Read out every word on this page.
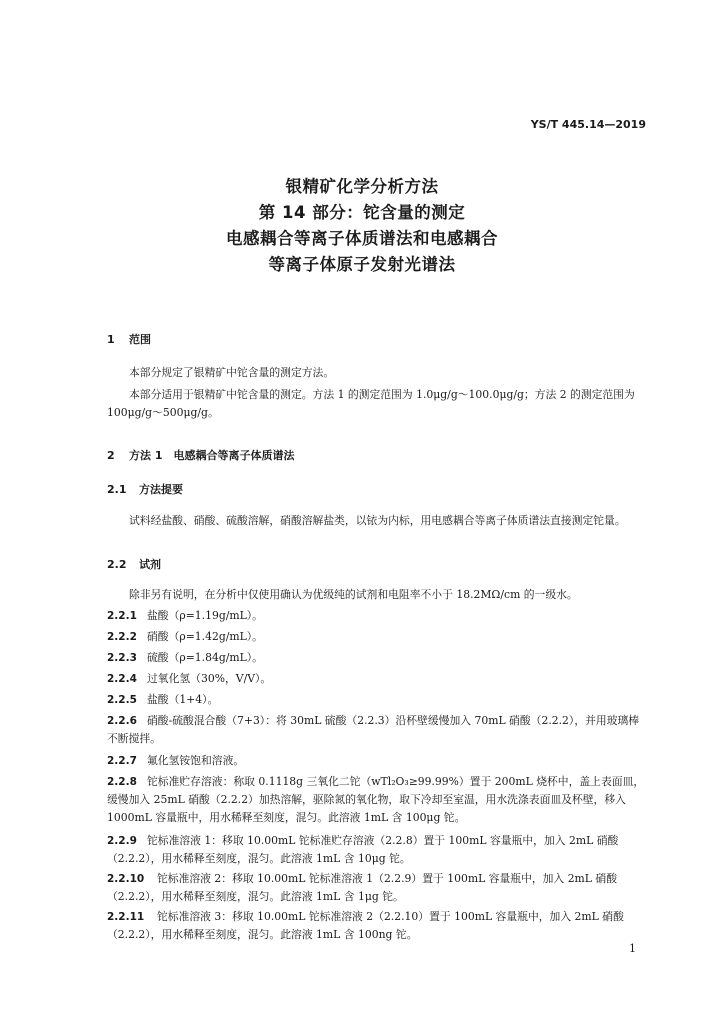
YS/T 445.14—2019
银精矿化学分析方法
第 14 部分：铊含量的测定
电感耦合等离子体质谱法和电感耦合
等离子体原子发射光谱法
1 范围
本部分规定了银精矿中铊含量的测定方法。
本部分适用于银精矿中铊含量的测定。方法 1 的测定范围为 1.0μg/g～100.0μg/g；方法 2 的测定范围为 100μg/g～500μg/g。
2 方法 1　电感耦合等离子体质谱法
2.1 方法提要
试料经盐酸、硝酸、硫酸溶解，硝酸溶解盐类，以铱为内标，用电感耦合等离子体质谱法直接测定铊量。
2.2 试剂
除非另有说明，在分析中仅使用确认为优级纯的试剂和电阻率不小于 18.2MΩ/cm 的一级水。
2.2.1 盐酸（ρ=1.19g/mL）。
2.2.2 硝酸（ρ=1.42g/mL）。
2.2.3 硫酸（ρ=1.84g/mL）。
2.2.4 过氧化氢（30%，V/V）。
2.2.5 盐酸（1+4）。
2.2.6 硝酸-硫酸混合酸（7+3）：将 30mL 硫酸（2.2.3）沿杯壁缓慢加入 70mL 硝酸（2.2.2），并用玻璃棒不断搅拌。
2.2.7 氟化氢铵饱和溶液。
2.2.8 铊标准贮存溶液：称取 0.1118g 三氧化二铊（wTl₂O₃≥99.99%）置于 200mL 烧杯中，盖上表面皿，缓慢加入 25mL 硝酸（2.2.2）加热溶解，驱除氮的氧化物，取下冷却至室温，用水洗涤表面皿及杯壁，移入 1000mL 容量瓶中，用水稀释至刻度，混匀。此溶液 1mL 含 100μg 铊。
2.2.9 铊标准溶液 1：移取 10.00mL 铊标准贮存溶液（2.2.8）置于 100mL 容量瓶中，加入 2mL 硝酸（2.2.2），用水稀释至刻度，混匀。此溶液 1mL 含 10μg 铊。
2.2.10 铊标准溶液 2：移取 10.00mL 铊标准溶液 1（2.2.9）置于 100mL 容量瓶中，加入 2mL 硝酸（2.2.2），用水稀释至刻度，混匀。此溶液 1mL 含 1μg 铊。
2.2.11 铊标准溶液 3：移取 10.00mL 铊标准溶液 2（2.2.10）置于 100mL 容量瓶中，加入 2mL 硝酸（2.2.2），用水稀释至刻度，混匀。此溶液 1mL 含 100ng 铊。
1
